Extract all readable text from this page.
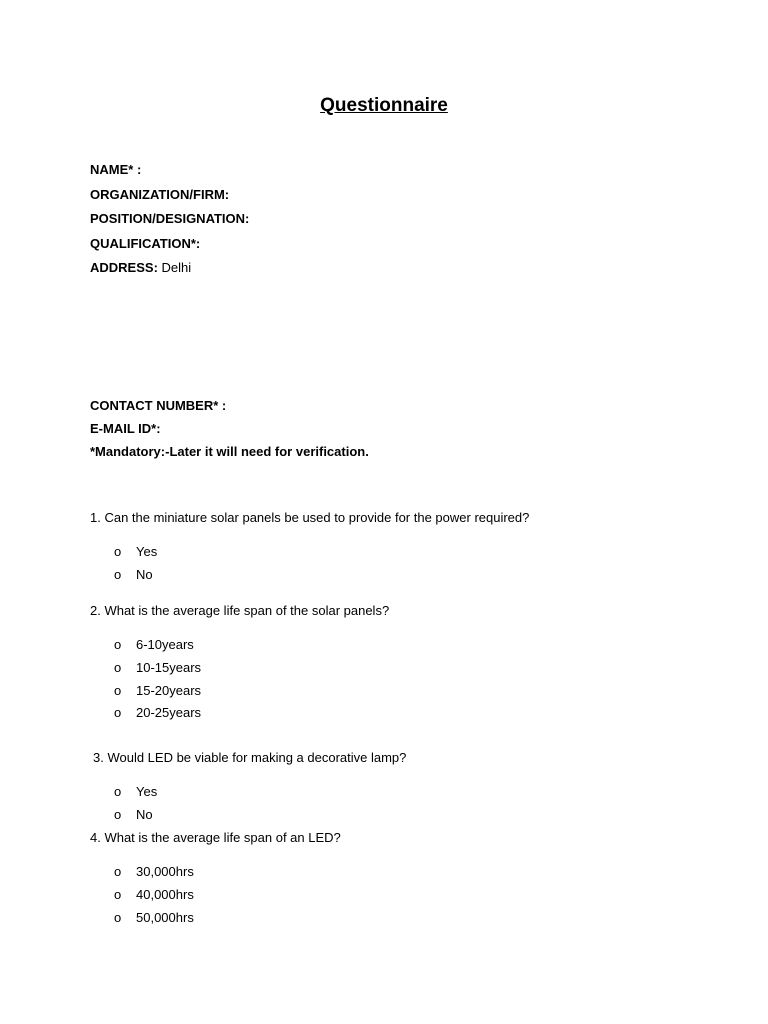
Questionnaire
NAME* :
ORGANIZATION/FIRM:
POSITION/DESIGNATION:
QUALIFICATION*:
ADDRESS: Delhi
CONTACT NUMBER* :
E-MAIL ID*:
*Mandatory:-Later it will need for verification.
1. Can the miniature solar panels be used to provide for the power required?
o	Yes
o	No
2. What is the average life span of the solar panels?
o	6-10years
o	10-15years
o	15-20years
o	20-25years
3. Would LED be viable for making a decorative lamp?
o	Yes
o	No
4. What is the average life span of an LED?
o	30,000hrs
o	40,000hrs
o	50,000hrs
